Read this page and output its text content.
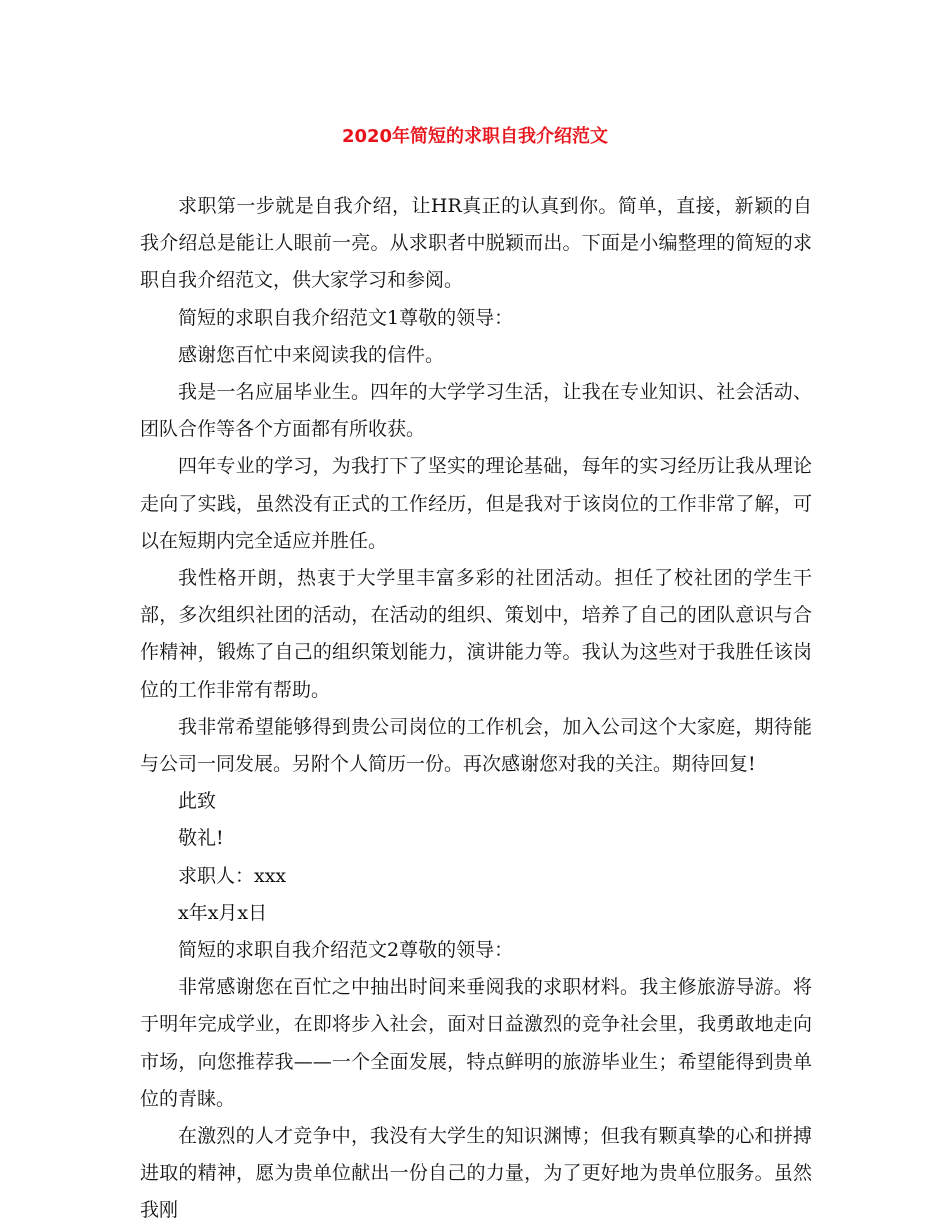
2020年简短的求职自我介绍范文

求职第一步就是自我介绍，让HR真正的认真到你。简单，直接，新颖的自我介绍总是能让人眼前一亮。从求职者中脱颖而出。下面是小编整理的简短的求职自我介绍范文，供大家学习和参阅。

简短的求职自我介绍范文1尊敬的领导：

感谢您百忙中来阅读我的信件。

我是一名应届毕业生。四年的大学学习生活，让我在专业知识、社会活动、团队合作等各个方面都有所收获。

四年专业的学习，为我打下了坚实的理论基础，每年的实习经历让我从理论走向了实践，虽然没有正式的工作经历，但是我对于该岗位的工作非常了解，可以在短期内完全适应并胜任。

我性格开朗，热衷于大学里丰富多彩的社团活动。担任了校社团的学生干部，多次组织社团的活动，在活动的组织、策划中，培养了自己的团队意识与合作精神，锻炼了自己的组织策划能力，演讲能力等。我认为这些对于我胜任该岗位的工作非常有帮助。

我非常希望能够得到贵公司岗位的工作机会，加入公司这个大家庭，期待能与公司一同发展。另附个人简历一份。再次感谢您对我的关注。期待回复!

此致

敬礼!

求职人：xxx

x年x月x日

简短的求职自我介绍范文2尊敬的领导：

非常感谢您在百忙之中抽出时间来垂阅我的求职材料。我主修旅游导游。将于明年完成学业，在即将步入社会，面对日益激烈的竞争社会里，我勇敢地走向市场，向您推荐我——一个全面发展，特点鲜明的旅游毕业生；希望能得到贵单位的青睐。

在激烈的人才竞争中，我没有大学生的知识渊博；但我有颗真挚的心和拼搏进取的精神，愿为贵单位献出一份自己的力量，为了更好地为贵单位服务。虽然我刚
